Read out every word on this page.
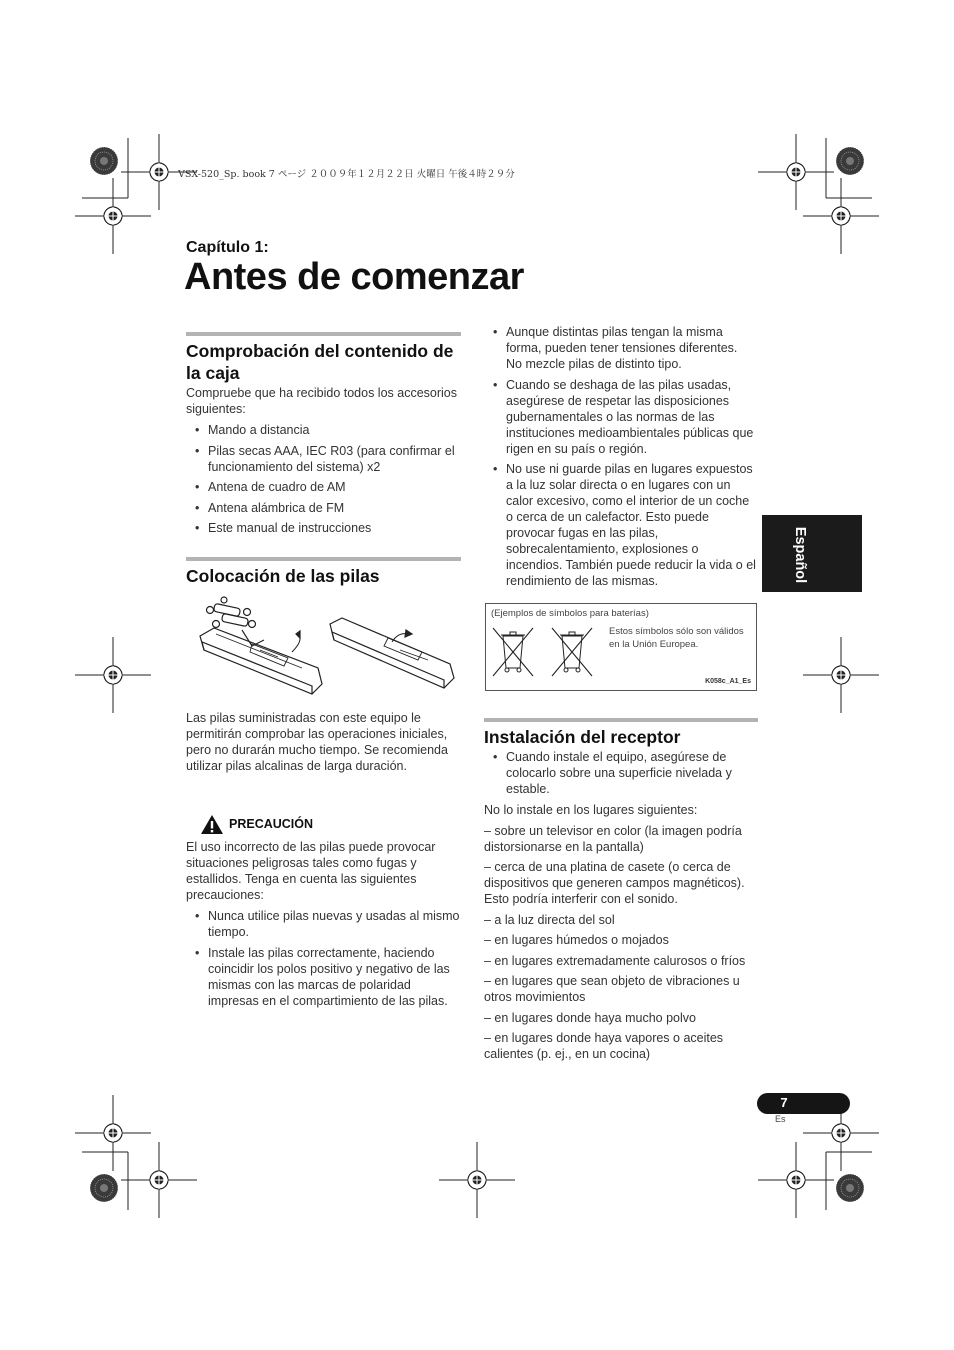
VSX-520_Sp. book 7 ページ ２００９年１２月２２日 火曜日 午後４時２９分
Capítulo 1:
Antes de comenzar
Comprobación del contenido de la caja
Compruebe que ha recibido todos los accesorios siguientes:
• Mando a distancia
• Pilas secas AAA, IEC R03 (para confirmar el funcionamiento del sistema) x2
• Antena de cuadro de AM
• Antena alámbrica de FM
• Este manual de instrucciones
Colocación de las pilas
Las pilas suministradas con este equipo le permitirán comprobar las operaciones iniciales, pero no durarán mucho tiempo. Se recomienda utilizar pilas alcalinas de larga duración.
PRECAUCIÓN
El uso incorrecto de las pilas puede provocar situaciones peligrosas tales como fugas y estallidos. Tenga en cuenta las siguientes precauciones:
• Nunca utilice pilas nuevas y usadas al mismo tiempo.
• Instale las pilas correctamente, haciendo coincidir los polos positivo y negativo de las mismas con las marcas de polaridad impresas en el compartimiento de las pilas.
• Aunque distintas pilas tengan la misma forma, pueden tener tensiones diferentes. No mezcle pilas de distinto tipo.
• Cuando se deshaga de las pilas usadas, asegúrese de respetar las disposiciones gubernamentales o las normas de las instituciones medioambientales públicas que rigen en su país o región.
• No use ni guarde pilas en lugares expuestos a la luz solar directa o en lugares con un calor excesivo, como el interior de un coche o cerca de un calefactor. Esto puede provocar fugas en las pilas, sobrecalentamiento, explosiones o incendios. También puede reducir la vida o el rendimiento de las mismas.
(Ejemplos de símbolos para baterías)
Estos símbolos sólo son válidos en la Unión Europea.
K058c_A1_Es
Instalación del receptor
• Cuando instale el equipo, asegúrese de colocarlo sobre una superficie nivelada y estable.
No lo instale en los lugares siguientes:

– sobre un televisor en color (la imagen podría distorsionarse en la pantalla)

– cerca de una platina de casete (o cerca de dispositivos que generen campos magnéticos). Esto podría interferir con el sonido.

– a la luz directa del sol

– en lugares húmedos o mojados

– en lugares extremadamente calurosos o fríos

– en lugares que sean objeto de vibraciones u otros movimientos

– en lugares donde haya mucho polvo

– en lugares donde haya vapores o aceites calientes (p. ej., en un cocina)

Español
7
Es
